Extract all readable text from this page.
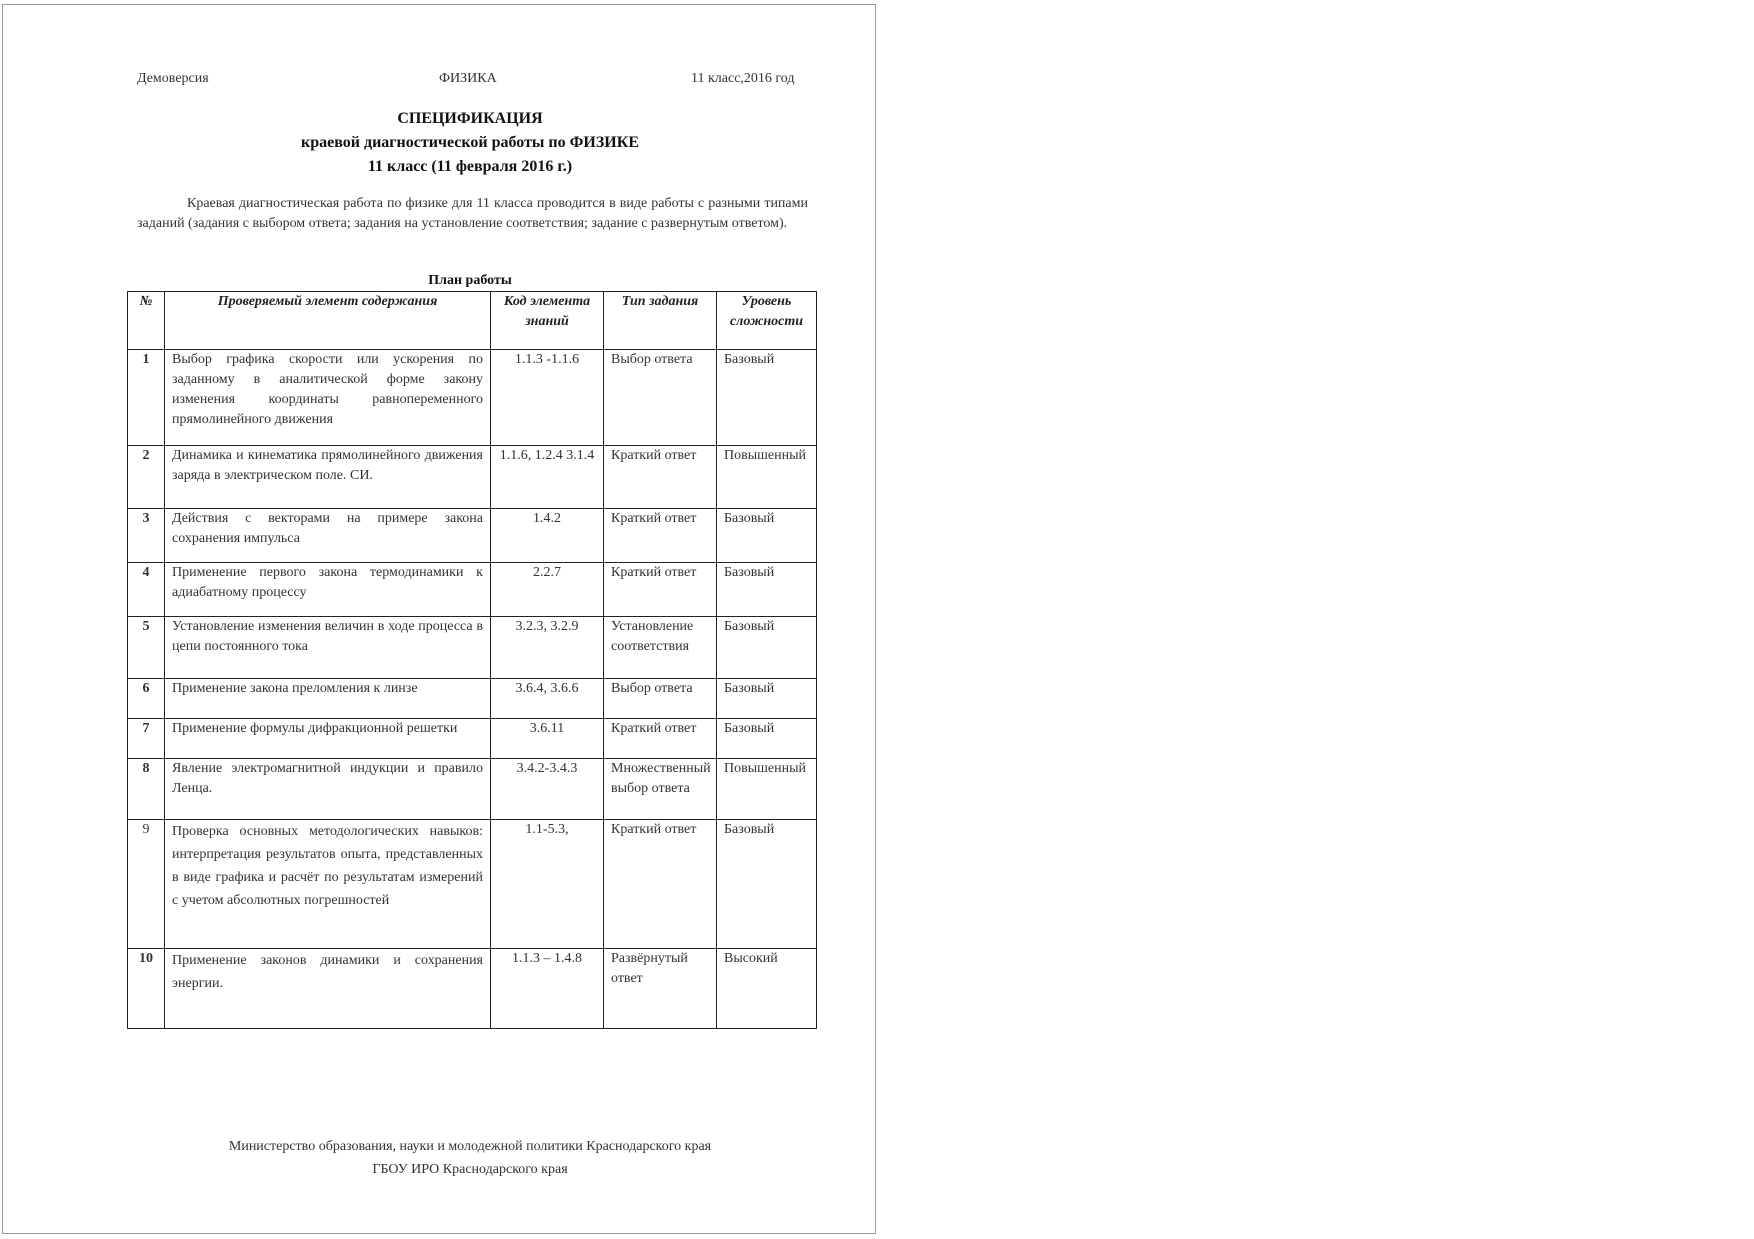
Демоверсия	ФИЗИКА	11 класс,2016 год
СПЕЦИФИКАЦИЯ
краевой диагностической работы по ФИЗИКЕ
11 класс (11 февраля 2016 г.)
Краевая диагностическая работа по физике для 11 класса проводится в виде работы с разными типами заданий (задания с выбором ответа; задания на установление соответствия; задание с развернутым ответом).
План работы
№	Проверяемый элемент содержания	Код элемента знаний	Тип задания	Уровень сложности
1	Выбор графика скорости или ускорения по заданному в аналитической форме закону изменения координаты равнопеременного прямолинейного движения	1.1.3 -1.1.6	Выбор ответа	Базовый
2	Динамика и кинематика прямолинейного движения заряда в электрическом поле. СИ.	1.1.6, 1.2.4 3.1.4	Краткий ответ	Повышенный
3	Действия с векторами на примере закона сохранения импульса	1.4.2	Краткий ответ	Базовый
4	Применение первого закона термодинамики к адиабатному процессу	2.2.7	Краткий ответ	Базовый
5	Установление изменения величин в ходе процесса в цепи постоянного тока	3.2.3, 3.2.9	Установление соответствия	Базовый
6	Применение закона преломления к линзе	3.6.4, 3.6.6	Выбор ответа	Базовый
7	Применение формулы дифракционной решетки	3.6.11	Краткий ответ	Базовый
8	Явление электромагнитной индукции и правило Ленца.	3.4.2-3.4.3	Множественный выбор ответа	Повышенный
9	Проверка основных методологических навыков: интерпретация результатов опыта, представленных в виде графика и расчёт по результатам измерений с учетом абсолютных погрешностей	1.1-5.3,	Краткий ответ	Базовый
10	Применение законов динамики и сохранения энергии.	1.1.3 – 1.4.8	Развёрнутый ответ	Высокий
Министерство образования, науки и молодежной политики Краснодарского края
ГБОУ ИРО Краснодарского края
